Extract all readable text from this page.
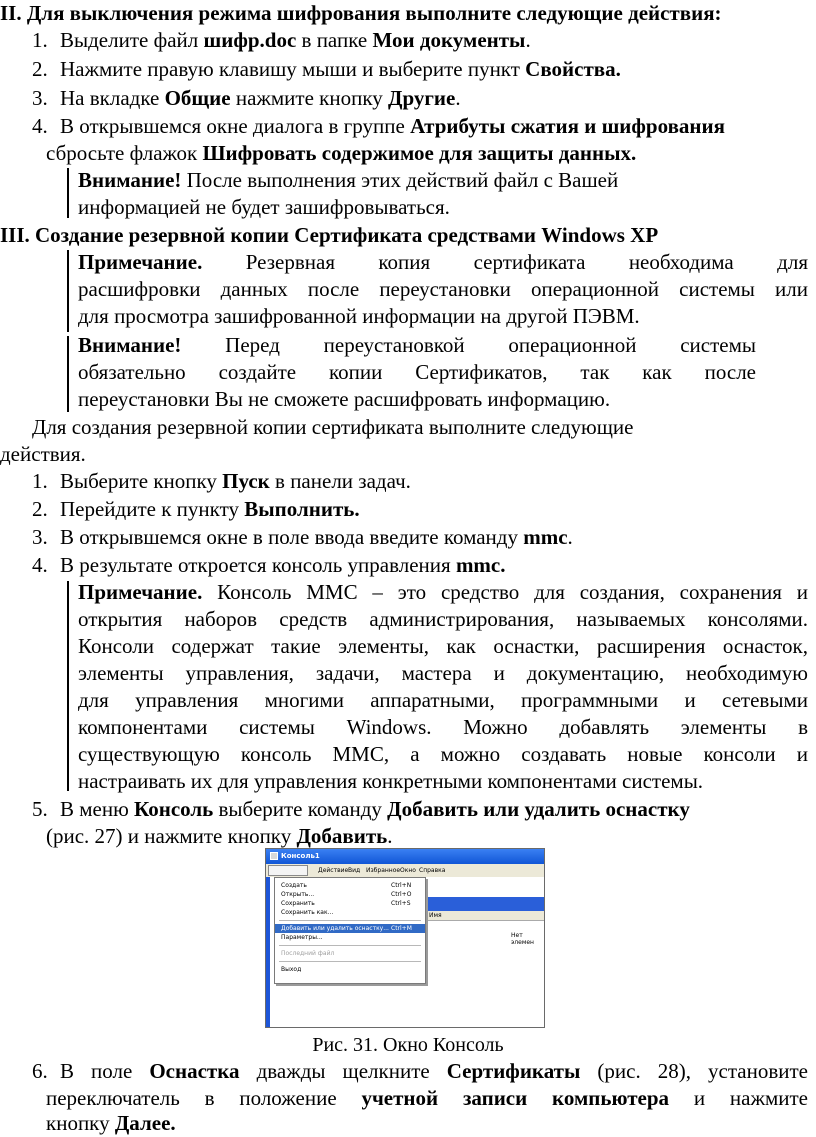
II. Для выключения режима шифрования выполните следующие действия:
1. Выделите файл шифр.doc в папке Мои документы.
2. Нажмите правую клавишу мыши и выберите пункт Свойства.
3. На вкладке Общие нажмите кнопку Другие.
4. В открывшемся окне диалога в группе Атрибуты сжатия и шифрования
сбросьте флажок Шифровать содержимое для защиты данных.
Внимание! После выполнения этих действий файл с Вашей
информацией не будет зашифровываться.
III. Создание резервной копии Сертификата средствами Windows XP
Примечание. Резервная копия сертификата необходима для
расшифровки данных после переустановки операционной системы или
для просмотра зашифрованной информации на другой ПЭВМ.
Внимание! Перед переустановкой операционной системы
обязательно создайте копии Сертификатов, так как после
переустановки Вы не сможете расшифровать информацию.
Для создания резервной копии сертификата выполните следующие
действия.
1. Выберите кнопку Пуск в панели задач.
2. Перейдите к пункту Выполнить.
3. В открывшемся окне в поле ввода введите команду mmc.
4. В результате откроется консоль управления mmc.
Примечание. Консоль MMC – это средство для создания, сохранения и
открытия наборов средств администрирования, называемых консолями.
Консоли содержат такие элементы, как оснастки, расширения оснасток,
элементы управления, задачи, мастера и документацию, необходимую
для управления многими аппаратными, программными и сетевыми
компонентами системы Windows. Можно добавлять элементы в
существующую консоль MMC, а можно создавать новые консоли и
настраивать их для управления конкретными компонентами системы.
5. В меню Консоль выберите команду Добавить или удалить оснастку
(рис. 27) и нажмите кнопку Добавить.
Консоль1
Действие Вид Избранное Окно Справка
Имя
Нет элемен
Создать	Ctrl+N
Открыть...	Ctrl+O
Сохранить	Ctrl+S
Сохранить как...
Добавить или удалить оснастку... Ctrl+M
Параметры...
Последний файл
Выход
Рис. 31. Окно Консоль
6. В поле Оснастка дважды щелкните Сертификаты (рис. 28), установите
переключатель в положение учетной записи компьютера и нажмите
кнопку Далее.
